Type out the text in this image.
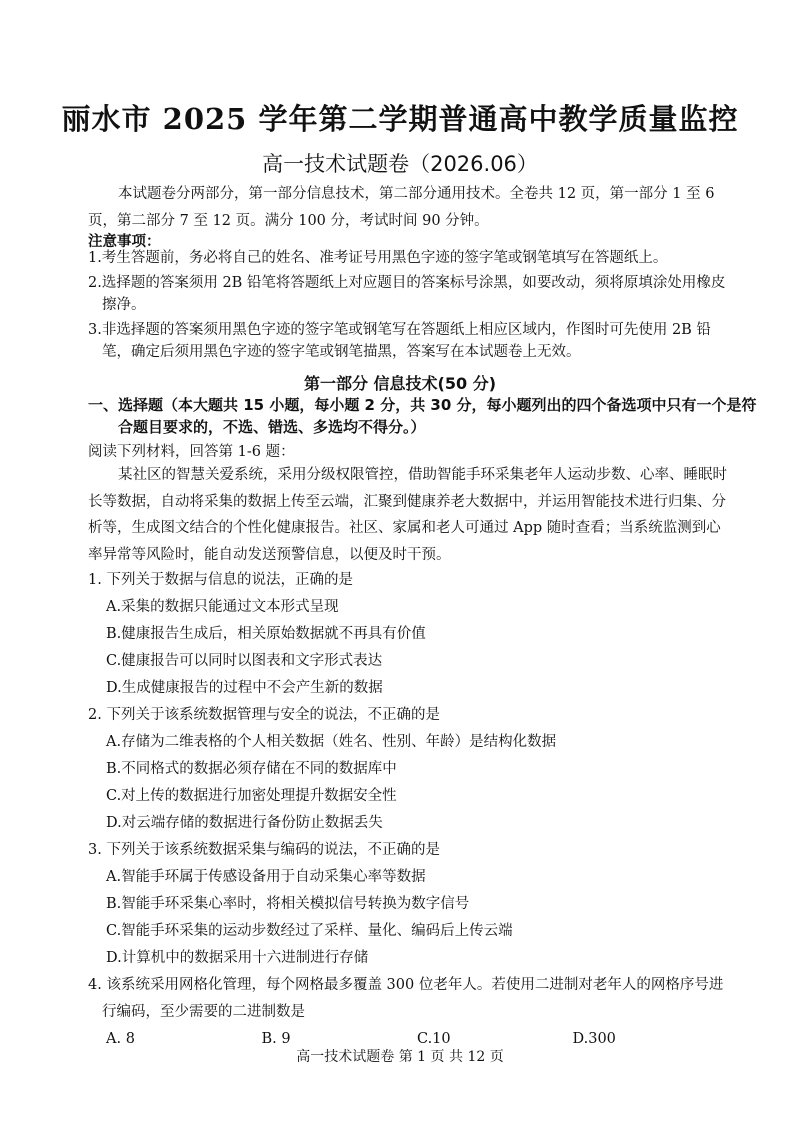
丽水市 2025 学年第二学期普通高中教学质量监控
高一技术试题卷（2026.06）
本试题卷分两部分，第一部分信息技术，第二部分通用技术。全卷共 12 页，第一部分 1 至 6 页，第二部分 7 至 12 页。满分 100 分，考试时间 90 分钟。
注意事项：
1.考生答题前，务必将自己的姓名、准考证号用黑色字迹的签字笔或钢笔填写在答题纸上。
2.选择题的答案须用 2B 铅笔将答题纸上对应题目的答案标号涂黑，如要改动，须将原填涂处用橡皮擦净。
3.非选择题的答案须用黑色字迹的签字笔或钢笔写在答题纸上相应区域内，作图时可先使用 2B 铅笔，确定后须用黑色字迹的签字笔或钢笔描黑，答案写在本试题卷上无效。
第一部分 信息技术(50 分)
一、选择题（本大题共 15 小题，每小题 2 分，共 30 分，每小题列出的四个备选项中只有一个是符合题目要求的，不选、错选、多选均不得分。）
阅读下列材料，回答第 1-6 题：
某社区的智慧关爱系统，采用分级权限管控，借助智能手环采集老年人运动步数、心率、睡眠时长等数据，自动将采集的数据上传至云端，汇聚到健康养老大数据中，并运用智能技术进行归集、分析等，生成图文结合的个性化健康报告。社区、家属和老人可通过 App 随时查看；当系统监测到心率异常等风险时，能自动发送预警信息，以便及时干预。
1. 下列关于数据与信息的说法，正确的是
A.采集的数据只能通过文本形式呈现
B.健康报告生成后，相关原始数据就不再具有价值
C.健康报告可以同时以图表和文字形式表达
D.生成健康报告的过程中不会产生新的数据
2. 下列关于该系统数据管理与安全的说法，不正确的是
A.存储为二维表格的个人相关数据（姓名、性别、年龄）是结构化数据
B.不同格式的数据必须存储在不同的数据库中
C.对上传的数据进行加密处理提升数据安全性
D.对云端存储的数据进行备份防止数据丢失
3. 下列关于该系统数据采集与编码的说法，不正确的是
A.智能手环属于传感设备用于自动采集心率等数据
B.智能手环采集心率时，将相关模拟信号转换为数字信号
C.智能手环采集的运动步数经过了采样、量化、编码后上传云端
D.计算机中的数据采用十六进制进行存储
4. 该系统采用网格化管理，每个网格最多覆盖 300 位老年人。若使用二进制对老年人的网格序号进行编码，至少需要的二进制数是
A. 8	B. 9	C.10	D.300
高一技术试题卷 第 1 页 共 12 页
